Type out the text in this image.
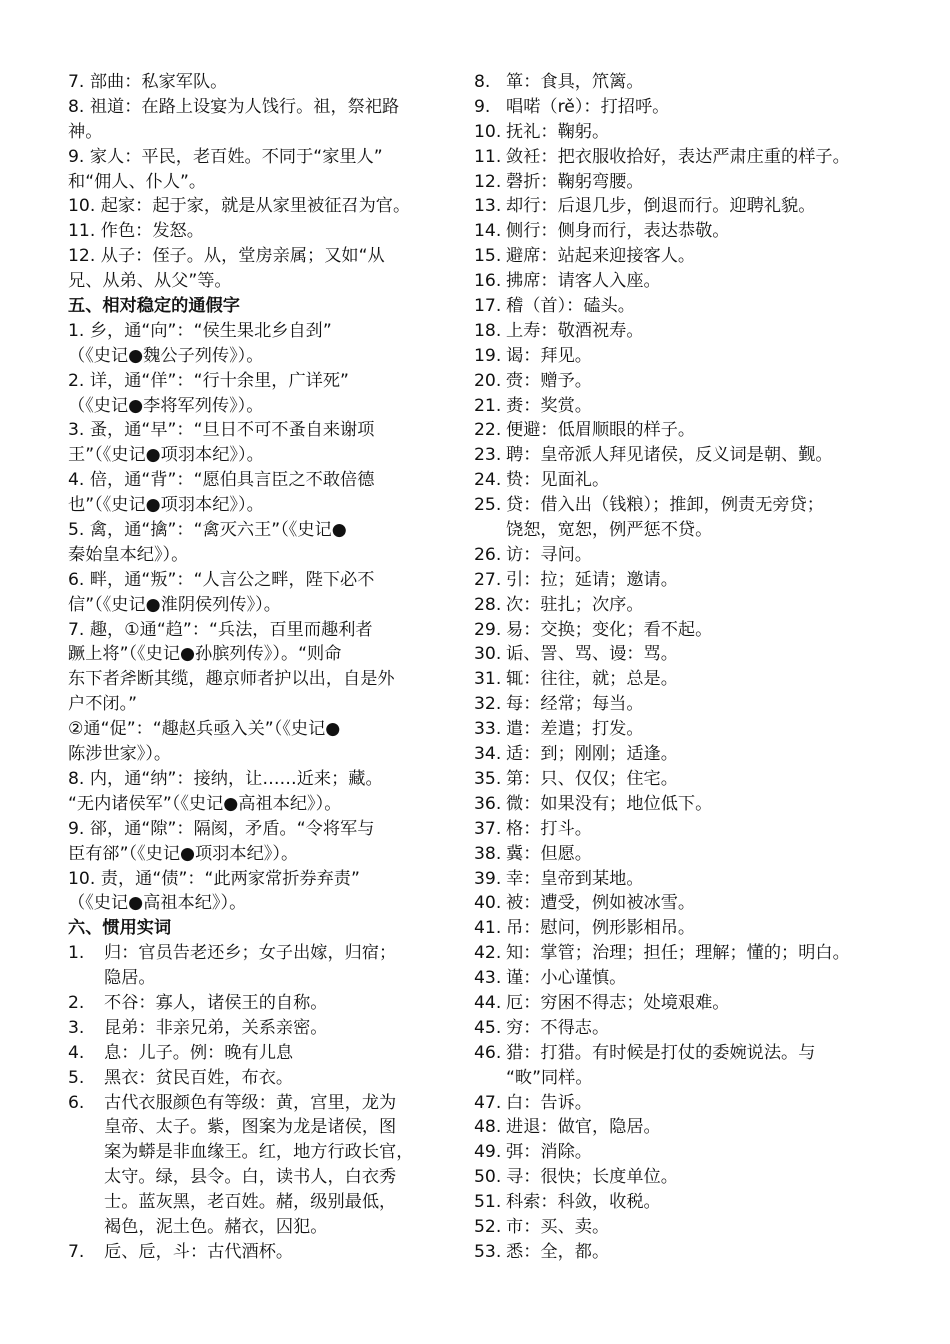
7. 部曲：私家军队。
8. 祖道：在路上设宴为人饯行。祖，祭祀路
神。
9. 家人：平民，老百姓。不同于“家里人”
和“佣人、仆人”。
10. 起家：起于家，就是从家里被征召为官。
11. 作色：发怒。
12. 从子：侄子。从，堂房亲属；又如“从
兄、从弟、从父”等。
五、相对稳定的通假字
1. 乡，通“向”：“侯生果北乡自刭”
（《史记●魏公子列传》）。
2. 详，通“佯”：“行十余里，广详死”
（《史记●李将军列传》）。
3. 蚤，通“早”：“旦日不可不蚤自来谢项
王”（《史记●项羽本纪》）。
4. 倍，通“背”：“愿伯具言臣之不敢倍德
也”（《史记●项羽本纪》）。
5. 禽，通“擒”：“禽灭六王”（《史记●
秦始皇本纪》）。
6. 畔，通“叛”：“人言公之畔，陛下必不
信”（《史记●淮阴侯列传》）。
7. 趣，①通“趋”：“兵法，百里而趣利者
蹶上将”（《史记●孙膑列传》）。“则命
东下者斧断其缆，趣京师者护以出，自是外
户不闭。”
②通“促”：“趣赵兵亟入关”（《史记●
陈涉世家》）。
8. 内，通“纳”：接纳，让……近来；藏。
“无内诸侯军”（《史记●高祖本纪》）。
9. 郤，通“隙”：隔阂，矛盾。“令将军与
臣有郤”（《史记●项羽本纪》）。
10. 责，通“债”：“此两家常折券弃责”
（《史记●高祖本纪》）。
六、惯用实词
1. 归：官员告老还乡；女子出嫁，归宿；
隐居。
2. 不谷：寡人，诸侯王的自称。
3. 昆弟：非亲兄弟，关系亲密。
4. 息：儿子。例：晚有儿息
5. 黑衣：贫民百姓，布衣。
6. 古代衣服颜色有等级：黄，宫里，龙为
皇帝、太子。紫，图案为龙是诸侯，图
案为蟒是非血缘王。红，地方行政长官，
太守。绿，县令。白，读书人，白衣秀
士。蓝灰黑，老百姓。赭，级别最低，
褐色，泥土色。赭衣，囚犯。
7. 卮、卮，斗：古代酒杯。
8. 箪：食具，笊篱。
9. 唱喏（rě）：打招呼。
10. 抚礼：鞠躬。
11. 敛衽：把衣服收拾好，表达严肃庄重的样子。
12. 磬折：鞠躬弯腰。
13. 却行：后退几步，倒退而行。迎聘礼貌。
14. 侧行：侧身而行，表达恭敬。
15. 避席：站起来迎接客人。
16. 拂席：请客人入座。
17. 稽（首）：磕头。
18. 上寿：敬酒祝寿。
19. 谒：拜见。
20. 赍：赠予。
21. 赉：奖赏。
22. 便避：低眉顺眼的样子。
23. 聘：皇帝派人拜见诸侯，反义词是朝、觐。
24. 贽：见面礼。
25. 贷：借入出（钱粮）；推卸，例责无旁贷；
饶恕，宽恕，例严惩不贷。
26. 访：寻问。
27. 引：拉；延请；邀请。
28. 次：驻扎；次序。
29. 易：交换；变化；看不起。
30. 诟、詈、骂、谩：骂。
31. 辄：往往，就；总是。
32. 每：经常；每当。
33. 遣：差遣；打发。
34. 适：到；刚刚；适逢。
35. 第：只、仅仅；住宅。
36. 微：如果没有；地位低下。
37. 格：打斗。
38. 冀：但愿。
39. 幸：皇帝到某地。
40. 被：遭受，例如被冰雪。
41. 吊：慰问，例形影相吊。
42. 知：掌管；治理；担任；理解；懂的；明白。
43. 谨：小心谨慎。
44. 厄：穷困不得志；处境艰难。
45. 穷：不得志。
46. 猎：打猎。有时候是打仗的委婉说法。与
“畋”同样。
47. 白：告诉。
48. 进退：做官，隐居。
49. 弭：消除。
50. 寻：很快；长度单位。
51. 科索：科敛，收税。
52. 市：买、卖。
53. 悉：全，都。
